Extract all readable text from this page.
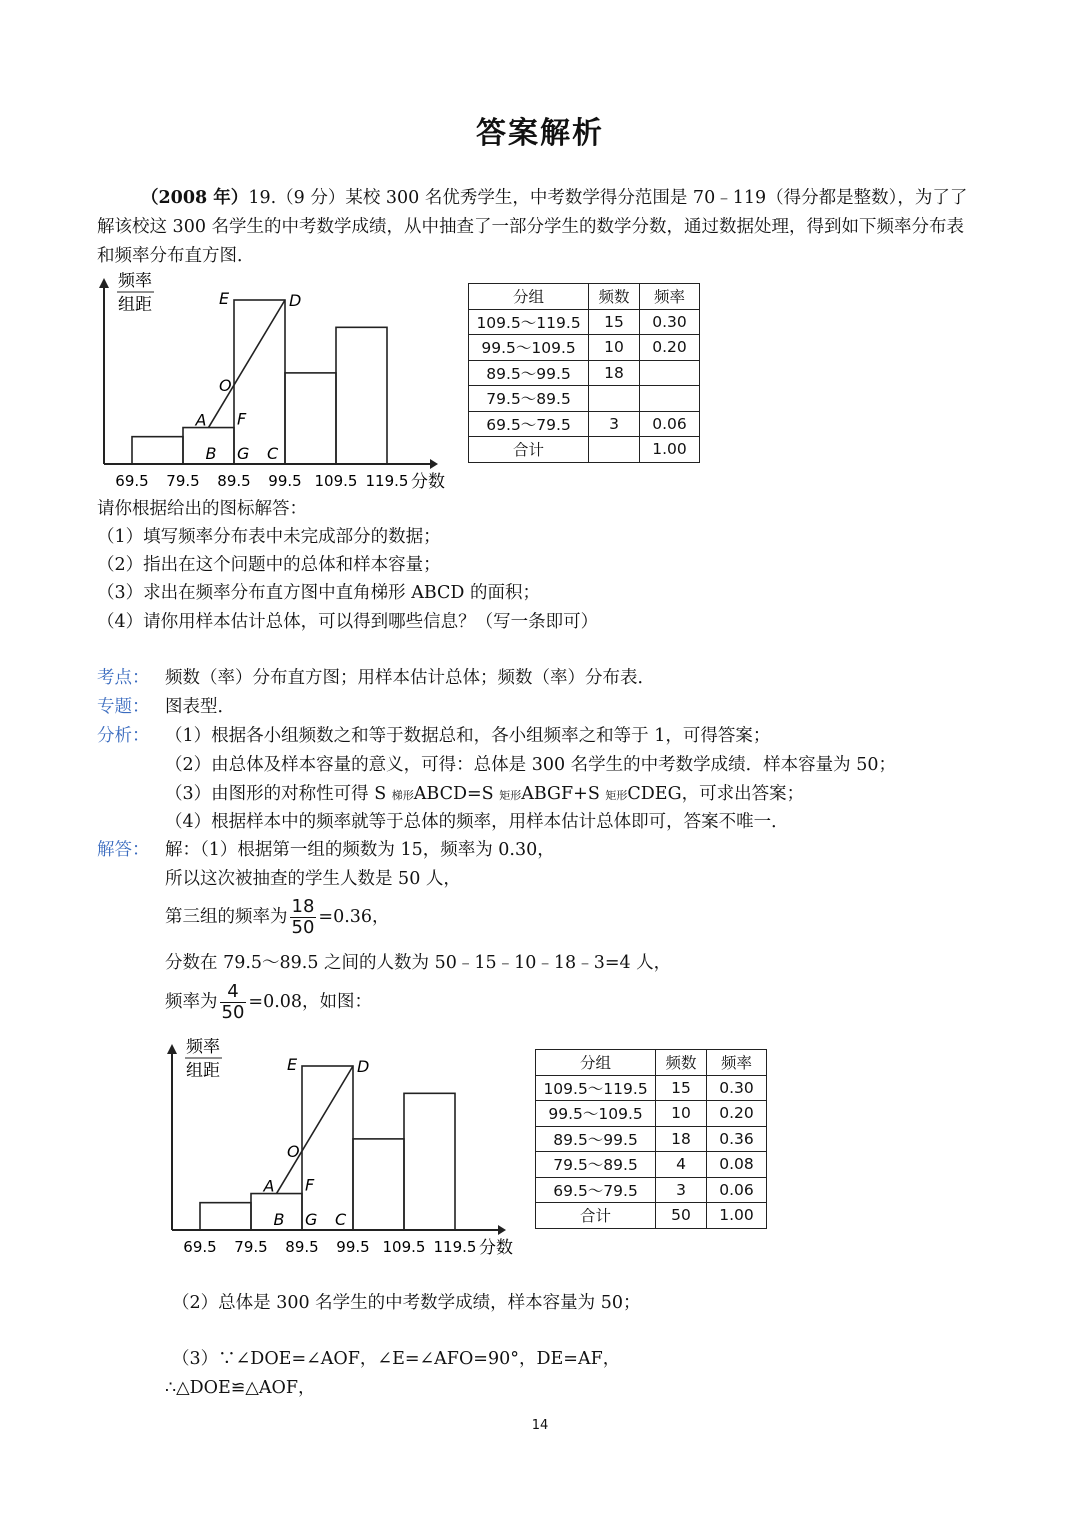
答案解析
（2008 年）19.（9 分）某校 300 名优秀学生，中考数学得分范围是 70﹣119（得分都是整数），为了了解该校这 300 名学生的中考数学成绩，从中抽查了一部分学生的数学分数，通过数据处理，得到如下频率分布表和频率分布直方图．
频率
组距
69.5 79.5 89.5 99.5 109.5 119.5 分数
E	D
O
A F
B G C
分组	频数	频率
109.5～119.5	15	0.30
99.5～109.5	10	0.20
89.5～99.5	18	
79.5～89.5		
69.5～79.5	3	0.06
合计		1.00
请你根据给出的图标解答：
（1）填写频率分布表中未完成部分的数据；
（2）指出在这个问题中的总体和样本容量；
（3）求出在频率分布直方图中直角梯形 ABCD 的面积；
（4）请你用样本估计总体，可以得到哪些信息？（写一条即可）
考点： 频数（率）分布直方图；用样本估计总体；频数（率）分布表．
专题： 图表型．
分析： （1）根据各小组频数之和等于数据总和，各小组频率之和等于 1，可得答案；
（2）由总体及样本容量的意义，可得：总体是 300 名学生的中考数学成绩．样本容量为 50；
（3）由图形的对称性可得 S 梯形ABCD=S 矩形ABGF+S 矩形CDEG，可求出答案；
（4）根据样本中的频率就等于总体的频率，用样本估计总体即可，答案不唯一．
解答： 解：（1）根据第一组的频数为 15，频率为 0.30，
所以这次被抽查的学生人数是 50 人，
第三组的频率为 $\frac{18}{50} =0.36$，
分数在 79.5～89.5 之间的人数为 50﹣15﹣10﹣18﹣3=4 人，
频率为 $\frac{4}{50} =0.08$，如图：
频率
组距
69.5 79.5 89.5 99.5 109.5 119.5 分数
E	D
O
A F
B G C
分组	频数	频率
109.5～119.5	15	0.30
99.5～109.5	10	0.20
89.5～99.5	18	0.36
79.5～89.5	4	0.08
69.5～79.5	3	0.06
合计	50	1.00
（2）总体是 300 名学生的中考数学成绩，样本容量为 50；
（3）∵∠DOE=∠AOF，∠E=∠AFO=90°，DE=AF，
∴△DOE≌△AOF，
14
